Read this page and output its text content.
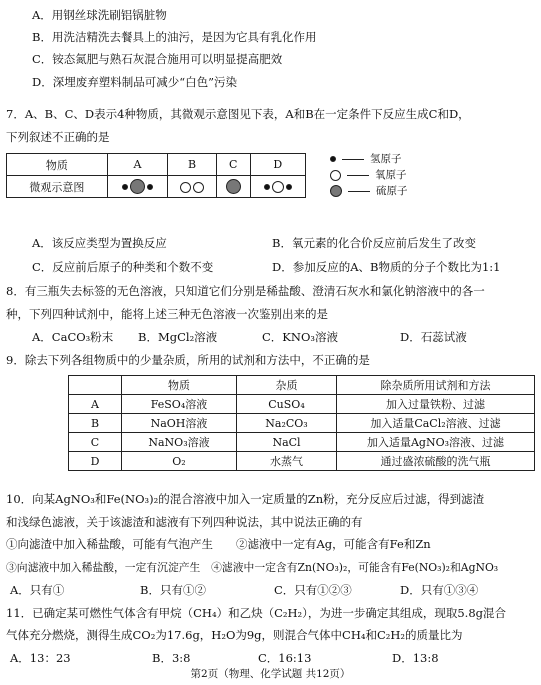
A．用钢丝球洗刷铝锅脏物
B．用洗洁精洗去餐具上的油污，是因为它具有乳化作用
C．铵态氮肥与熟石灰混合施用可以明显提高肥效
D．深埋废弃塑料制品可减少“白色”污染
7．A、B、C、D表示4种物质，其微观示意图见下表，A和B在一定条件下反应生成C和D，
下列叙述不正确的是
物质	A	B	C	D
微观示意图	

氢原子
氧原子
硫原子
A．该反应类型为置换反应	B．氧元素的化合价反应前后发生了改变
C．反应前后原子的种类和个数不变	D．参加反应的A、B物质的分子个数比为1:1
8．有三瓶失去标签的无色溶液，只知道它们分别是稀盐酸、澄清石灰水和氯化钠溶液中的各一
种，下列四种试剂中，能将上述三种无色溶液一次鉴别出来的是
A．CaCO₃粉末 B．MgCl₂溶液	C．KNO₃溶液	D．石蕊试液
9．除去下列各组物质中的少量杂质，所用的试剂和方法中，不正确的是
	物质	杂质	除杂质所用试剂和方法
A	FeSO₄溶液	CuSO₄	加入过量铁粉、过滤
B	NaOH溶液	Na₂CO₃	加入适量CaCl₂溶液、过滤
C	NaNO₃溶液	NaCl	加入适量AgNO₃溶液、过滤
D	O₂	水蒸气	通过盛浓硫酸的洗气瓶
10．向某AgNO₃和Fe(NO₃)₂的混合溶液中加入一定质量的Zn粉，充分反应后过滤，得到滤渣
和浅绿色滤液，关于该滤渣和滤液有下列四种说法，其中说法正确的有
①向滤渣中加入稀盐酸，可能有气泡产生　　②滤液中一定有Ag，可能含有Fe和Zn
③向滤液中加入稀盐酸，一定有沉淀产生　④滤液中一定含有Zn(NO₃)₂，可能含有Fe(NO₃)₂和AgNO₃
A．只有①	B．只有①②	C．只有①②③	D．只有①③④
11．已确定某可燃性气体含有甲烷（CH₄）和乙炔（C₂H₂），为进一步确定其组成，现取5.8g混合
气体充分燃烧，测得生成CO₂为17.6g，H₂O为9g，则混合气体中CH₄和C₂H₂的质量比为
A．13：23	B．3:8	C．16:13	D．13:8
第2页（物理、化学试题 共12页）
